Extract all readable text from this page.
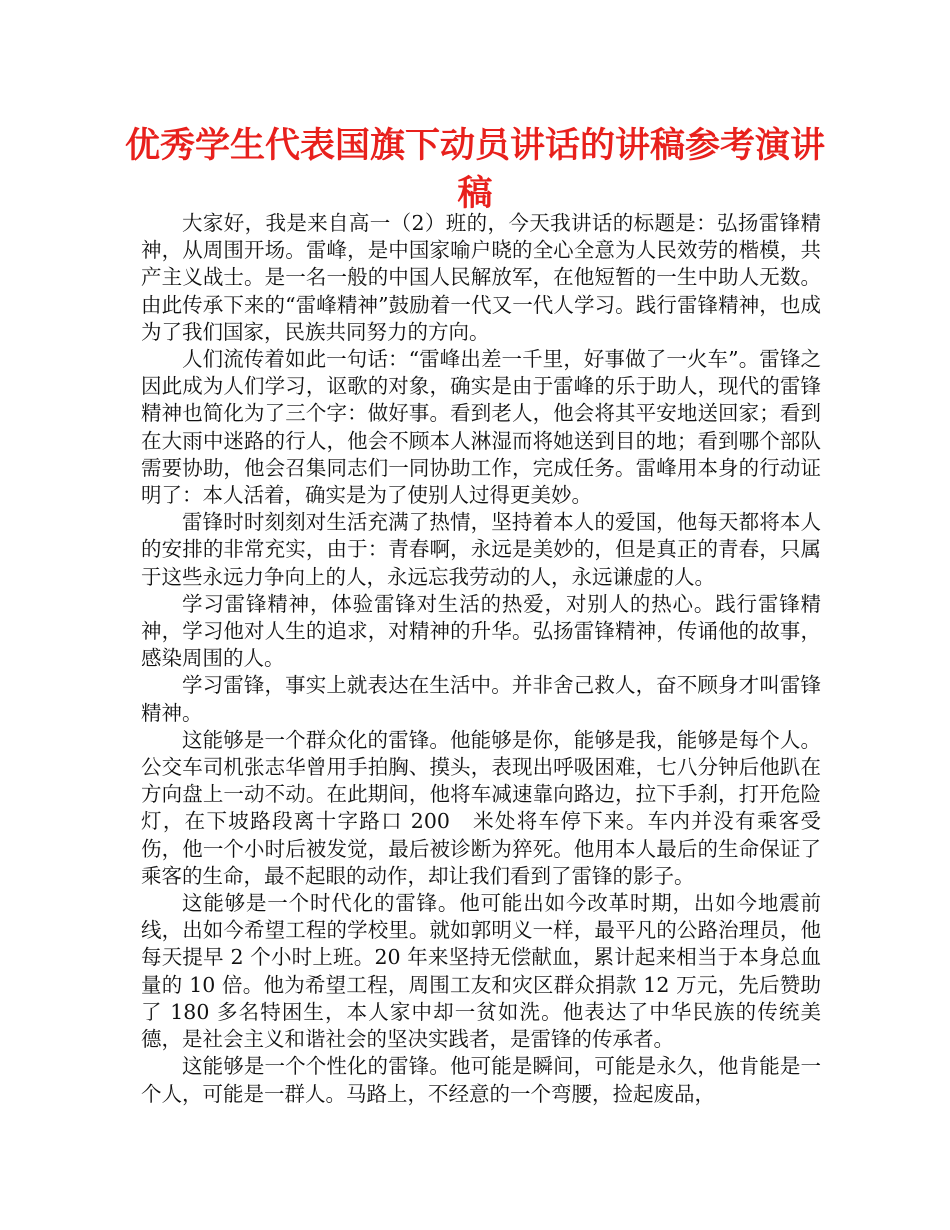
优秀学生代表国旗下动员讲话的讲稿参考演讲稿

大家好，我是来自高一（2）班的，今天我讲话的标题是：弘扬雷锋精神，从周围开场。雷峰，是中国家喻户晓的全心全意为人民效劳的楷模，共产主义战士。是一名一般的中国人民解放军，在他短暂的一生中助人无数。由此传承下来的“雷峰精神”鼓励着一代又一代人学习。践行雷锋精神，也成为了我们国家，民族共同努力的方向。

人们流传着如此一句话：“雷峰出差一千里，好事做了一火车”。雷锋之因此成为人们学习，讴歌的对象，确实是由于雷峰的乐于助人，现代的雷锋精神也简化为了三个字：做好事。看到老人，他会将其平安地送回家；看到在大雨中迷路的行人，他会不顾本人淋湿而将她送到目的地；看到哪个部队需要协助，他会召集同志们一同协助工作，完成任务。雷峰用本身的行动证明了：本人活着，确实是为了使别人过得更美妙。

雷锋时时刻刻对生活充满了热情，坚持着本人的爱国，他每天都将本人的安排的非常充实，由于：青春啊，永远是美妙的，但是真正的青春，只属于这些永远力争向上的人，永远忘我劳动的人，永远谦虚的人。

学习雷锋精神，体验雷锋对生活的热爱，对别人的热心。践行雷锋精神，学习他对人生的追求，对精神的升华。弘扬雷锋精神，传诵他的故事，感染周围的人。

学习雷锋，事实上就表达在生活中。并非舍己救人，奋不顾身才叫雷锋精神。

这能够是一个群众化的雷锋。他能够是你，能够是我，能够是每个人。公交车司机张志华曾用手拍胸、摸头，表现出呼吸困难，七八分钟后他趴在方向盘上一动不动。在此期间，他将车减速靠向路边，拉下手刹，打开危险灯，在下坡路段离十字路口 200　米处将车停下来。车内并没有乘客受伤，他一个小时后被发觉，最后被诊断为猝死。他用本人最后的生命保证了乘客的生命，最不起眼的动作，却让我们看到了雷锋的影子。

这能够是一个时代化的雷锋。他可能出如今改革时期，出如今地震前线，出如今希望工程的学校里。就如郭明义一样，最平凡的公路治理员，他每天提早 2 个小时上班。20 年来坚持无偿献血，累计起来相当于本身总血量的 10 倍。他为希望工程，周围工友和灾区群众捐款 12 万元，先后赞助了 180 多名特困生，本人家中却一贫如洗。他表达了中华民族的传统美德，是社会主义和谐社会的坚决实践者，是雷锋的传承者。

这能够是一个个性化的雷锋。他可能是瞬间，可能是永久，他肯能是一个人，可能是一群人。马路上，不经意的一个弯腰，捡起废品，
